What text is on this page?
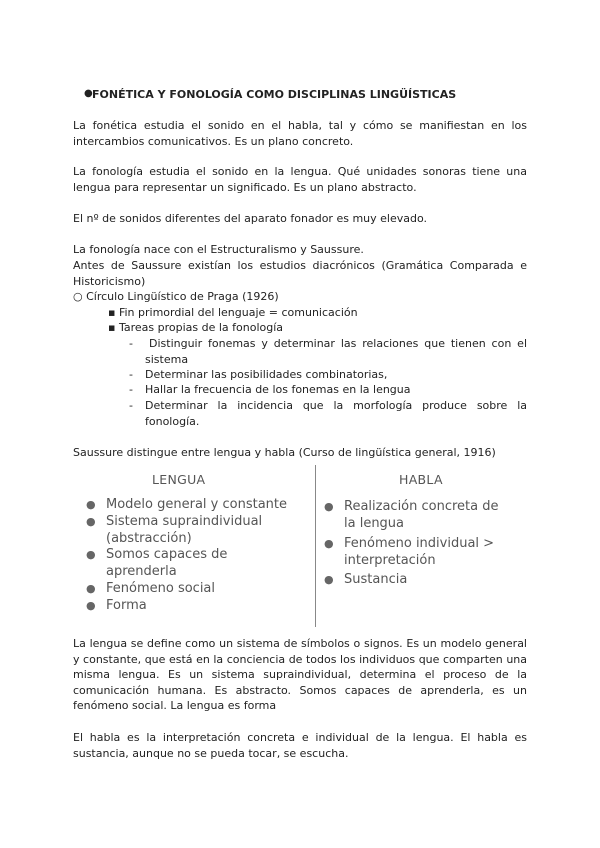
● FONÉTICA Y FONOLOGÍA COMO DISCIPLINAS LINGÜÍSTICAS

La fonética estudia el sonido en el habla, tal y cómo se manifiestan en los intercambios comunicativos. Es un plano concreto.

La fonología estudia el sonido en la lengua. Qué unidades sonoras tiene una lengua para representar un significado. Es un plano abstracto.

El nº de sonidos diferentes del aparato fonador es muy elevado.

La fonología nace con el Estructuralismo y Saussure.

Antes de Saussure existían los estudios diacrónicos (Gramática Comparada e Historicismo)

○ Círculo Lingüístico de Praga (1926)

▪ Fin primordial del lenguaje = comunicación

▪ Tareas propias de la fonología

-	Distinguir fonemas y determinar las relaciones que tienen con el sistema

- Determinar las posibilidades combinatorias,

- Hallar la frecuencia de los fonemas en la lengua

- Determinar la incidencia que la morfología produce sobre la fonología.

Saussure distingue entre lengua y habla (Curso de lingüística general, 1916)

LENGUA	HABLA
● Modelo general y constante
● Sistema supraindividual (abstracción)
● Somos capaces de aprenderla
● Fenómeno social
● Forma
● Realización concreta de la lengua
● Fenómeno individual > interpretación
● Sustancia

La lengua se define como un sistema de símbolos o signos. Es un modelo general y constante, que está en la conciencia de todos los individuos que comparten una misma lengua. Es un sistema supraindividual, determina el proceso de la comunicación humana. Es abstracto. Somos capaces de aprenderla, es un fenómeno social. La lengua es forma

El habla es la interpretación concreta e individual de la lengua. El habla es sustancia, aunque no se pueda tocar, se escucha.
